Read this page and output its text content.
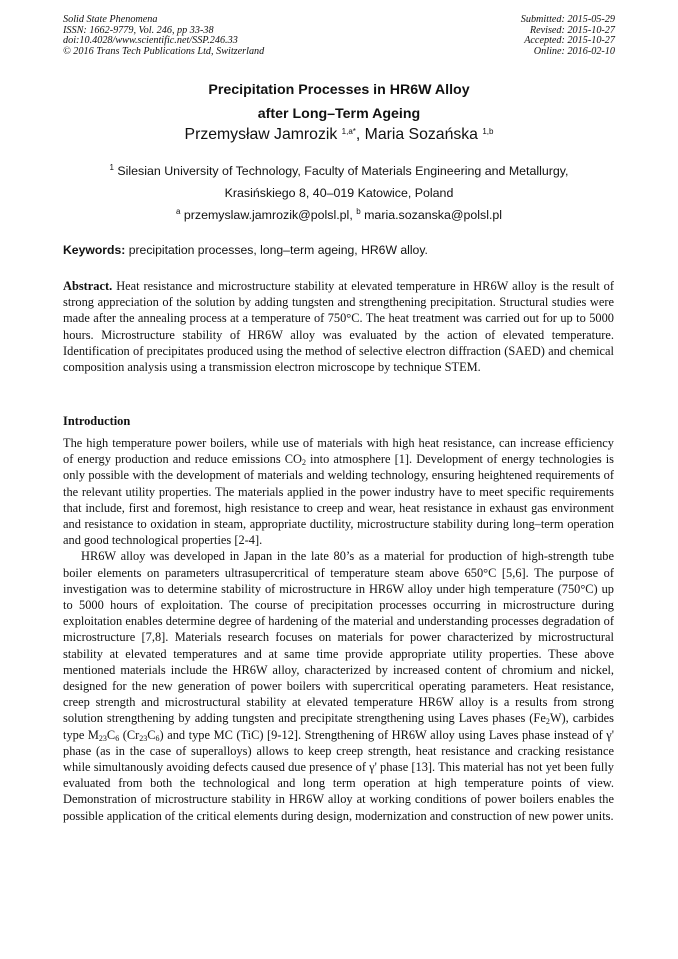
Solid State Phenomena
ISSN: 1662-9779, Vol. 246, pp 33-38
doi:10.4028/www.scientific.net/SSP.246.33
© 2016 Trans Tech Publications Ltd, Switzerland
Submitted: 2015-05-29
Revised: 2015-10-27
Accepted: 2015-10-27
Online: 2016-02-10
Precipitation Processes in HR6W Alloy
after Long–Term Ageing
Przemysław Jamrozik $^{1,a*}$, Maria Sozańska $^{1,b}$
$^1$ Silesian University of Technology, Faculty of Materials Engineering and Metallurgy,
Krasińskiego 8, 40–019 Katowice, Poland
$^a$ przemyslaw.jamrozik@polsl.pl, $^b$ maria.sozanska@polsl.pl
Keywords: precipitation processes, long–term ageing, HR6W alloy.
Abstract. Heat resistance and microstructure stability at elevated temperature in HR6W alloy is the result of strong appreciation of the solution by adding tungsten and strengthening precipitation. Structural studies were made after the annealing process at a temperature of 750°C. The heat treatment was carried out for up to 5000 hours. Microstructure stability of HR6W alloy was evaluated by the action of elevated temperature. Identification of precipitates produced using the method of selective electron diffraction (SAED) and chemical composition analysis using a transmission electron microscope by technique STEM.
Introduction
The high temperature power boilers, while use of materials with high heat resistance, can increase efficiency of energy production and reduce emissions $CO_2$ into atmosphere [1]. Development of energy technologies is only possible with the development of materials and welding technology, ensuring heightened requirements of the relevant utility properties. The materials applied in the power industry have to meet specific requirements that include, first and foremost, high resistance to creep and wear, heat resistance in exhaust gas environment and resistance to oxidation in steam, appropriate ductility, microstructure stability during long–term operation and good technological properties [2-4].
HR6W alloy was developed in Japan in the late 80’s as a material for production of high-strength tube boiler elements on parameters ultrasupercritical of temperature steam above 650°C [5,6]. The purpose of investigation was to determine stability of microstructure in HR6W alloy under high temperature (750°C) up to 5000 hours of exploitation. The course of precipitation processes occurring in microstructure during exploitation enables determine degree of hardening of the material and understanding processes degradation of microstructure [7,8]. Materials research focuses on materials for power characterized by microstructural stability at elevated temperatures and at same time provide appropriate utility properties. These above mentioned materials include the HR6W alloy, characterized by increased content of chromium and nickel, designed for the new generation of power boilers with supercritical operating parameters. Heat resistance, creep strength and microstructural stability at elevated temperature HR6W alloy is a results from strong solution strengthening by adding tungsten and precipitate strengthening using Laves phases $(Fe_2W)$, carbides type $M_{23}C_6$ $(Cr_{23}C_6)$ and type MC (TiC) [9-12]. Strengthening of HR6W alloy using Laves phase instead of γ' phase (as in the case of superalloys) allows to keep creep strength, heat resistance and cracking resistance while simultanously avoiding defects caused due presence of γ' phase [13]. This material has not yet been fully evaluated from both the technological and long term operation at high temperature points of view. Demonstration of microstructure stability in HR6W alloy at working conditions of power boilers enables the possible application of the critical elements during design, modernization and construction of new power units.
